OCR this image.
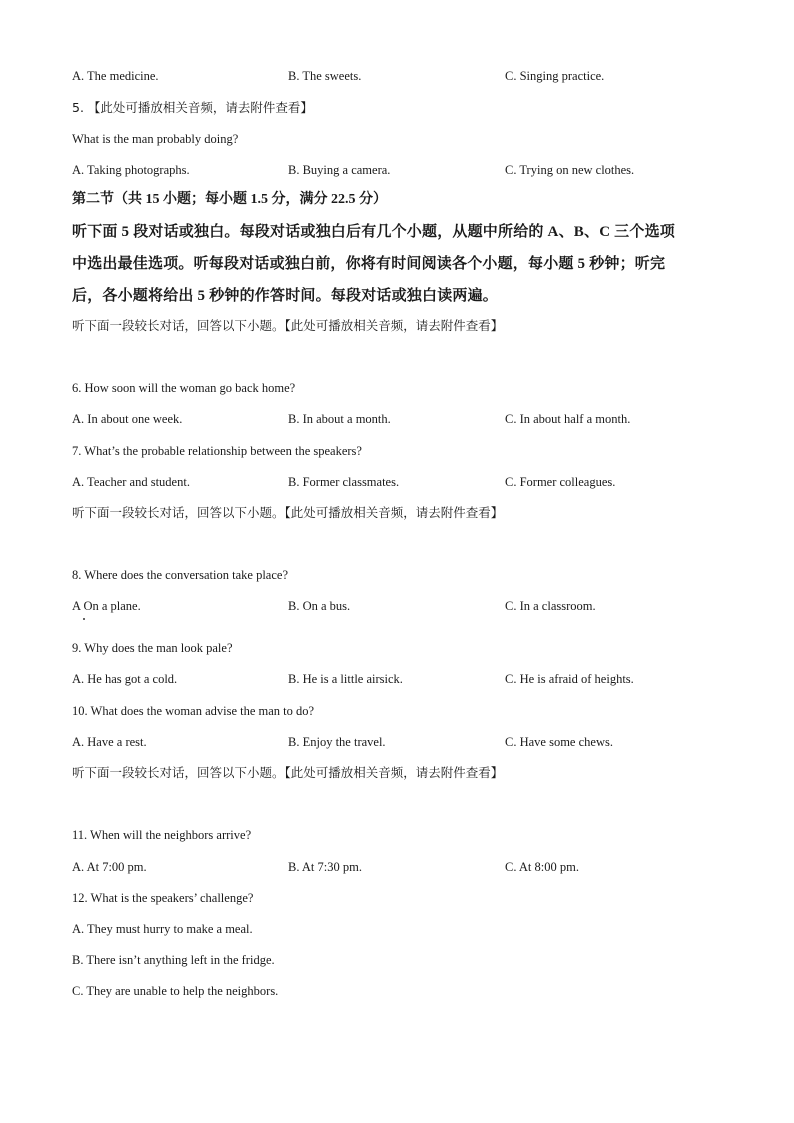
A. The medicine.	B. The sweets.	C. Singing practice.
5. 【此处可播放相关音频，请去附件查看】
What is the man probably doing?
A. Taking photographs.	B. Buying a camera.	C. Trying on new clothes.
第二节（共 15 小题；每小题 1.5 分，满分 22.5 分）
听下面 5 段对话或独白。每段对话或独白后有几个小题，从题中所给的 A、B、C 三个选项
中选出最佳选项。听每段对话或独白前，你将有时间阅读各个小题，每小题 5 秒钟；听完
后，各小题将给出 5 秒钟的作答时间。每段对话或独白读两遍。
听下面一段较长对话，回答以下小题。【此处可播放相关音频，请去附件查看】
6. How soon will the woman go back home?
A. In about one week.	B. In about a month.	C. In about half a month.
7. What’s the probable relationship between the speakers?
A. Teacher and student.	B. Former classmates.	C. Former colleagues.
听下面一段较长对话，回答以下小题。【此处可播放相关音频，请去附件查看】
8. Where does the conversation take place?
A On a plane.	B. On a bus.	C. In a classroom.
9. Why does the man look pale?
A. He has got a cold.	B. He is a little airsick.	C. He is afraid of heights.
10. What does the woman advise the man to do?
A. Have a rest.	B. Enjoy the travel.	C. Have some chews.
听下面一段较长对话，回答以下小题。【此处可播放相关音频，请去附件查看】
11. When will the neighbors arrive?
A. At 7:00 pm.	B. At 7:30 pm.	C. At 8:00 pm.
12. What is the speakers’ challenge?
A. They must hurry to make a meal.
B. There isn’t anything left in the fridge.
C. They are unable to help the neighbors.
